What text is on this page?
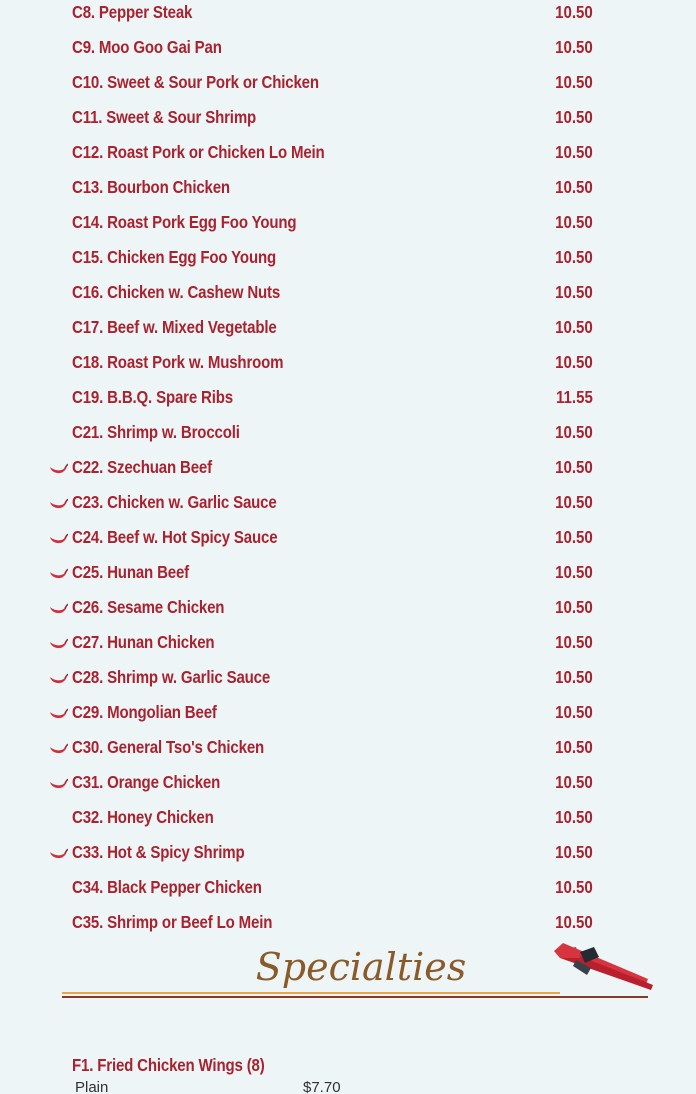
C8. Pepper Steak	10.50
C9. Moo Goo Gai Pan	10.50
C10. Sweet & Sour Pork or Chicken	10.50
C11. Sweet & Sour Shrimp	10.50
C12. Roast Pork or Chicken Lo Mein	10.50
C13. Bourbon Chicken	10.50
C14. Roast Pork Egg Foo Young	10.50
C15. Chicken Egg Foo Young	10.50
C16. Chicken w. Cashew Nuts	10.50
C17. Beef w. Mixed Vegetable	10.50
C18. Roast Pork w. Mushroom	10.50
C19. B.B.Q. Spare Ribs	11.55
C21. Shrimp w. Broccoli	10.50
C22. Szechuan Beef	10.50
C23. Chicken w. Garlic Sauce	10.50
C24. Beef w. Hot Spicy Sauce	10.50
C25. Hunan Beef	10.50
C26. Sesame Chicken	10.50
C27. Hunan Chicken	10.50
C28. Shrimp w. Garlic Sauce	10.50
C29. Mongolian Beef	10.50
C30. General Tso's Chicken	10.50
C31. Orange Chicken	10.50
C32. Honey Chicken	10.50
C33. Hot & Spicy Shrimp	10.50
C34. Black Pepper Chicken	10.50
C35. Shrimp or Beef Lo Mein	10.50
Specialties
F1. Fried Chicken Wings (8)
Plain	$7.70
